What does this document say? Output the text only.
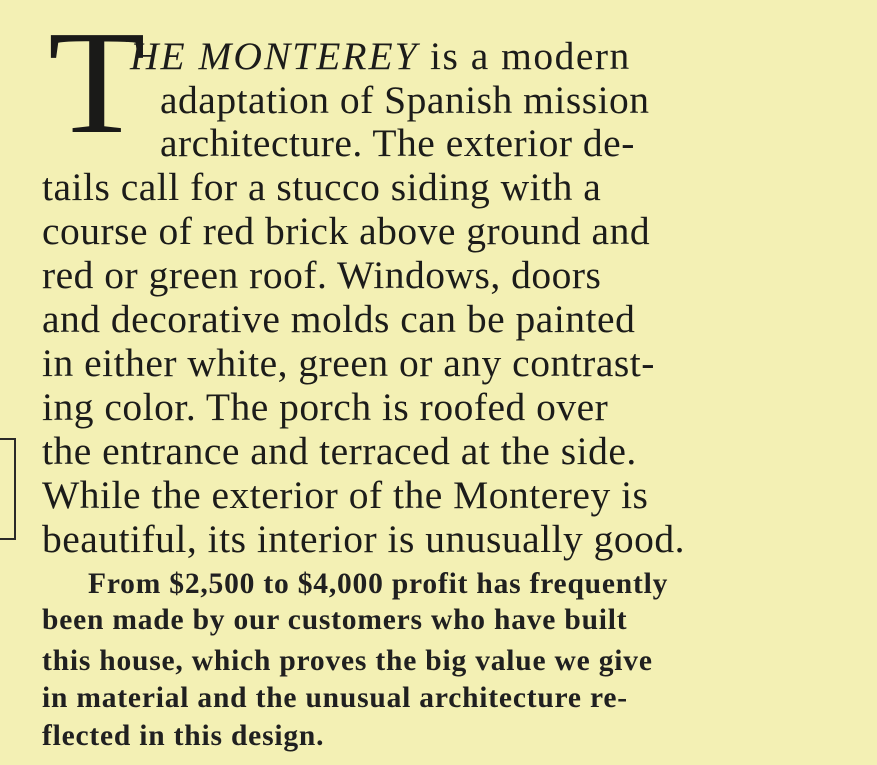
T
HE MONTEREY is a modern
adaptation of Spanish mission
architecture. The exterior de-
tails call for a stucco siding with a
course of red brick above ground and
red or green roof. Windows, doors
and decorative molds can be painted
in either white, green or any contrast-
ing color. The porch is roofed over
the entrance and terraced at the side.
While the exterior of the Monterey is
beautiful, its interior is unusually good.
From $2,500 to $4,000 profit has frequently
been made by our customers who have built
this house, which proves the big value we give
in material and the unusual architecture re-
flected in this design.
